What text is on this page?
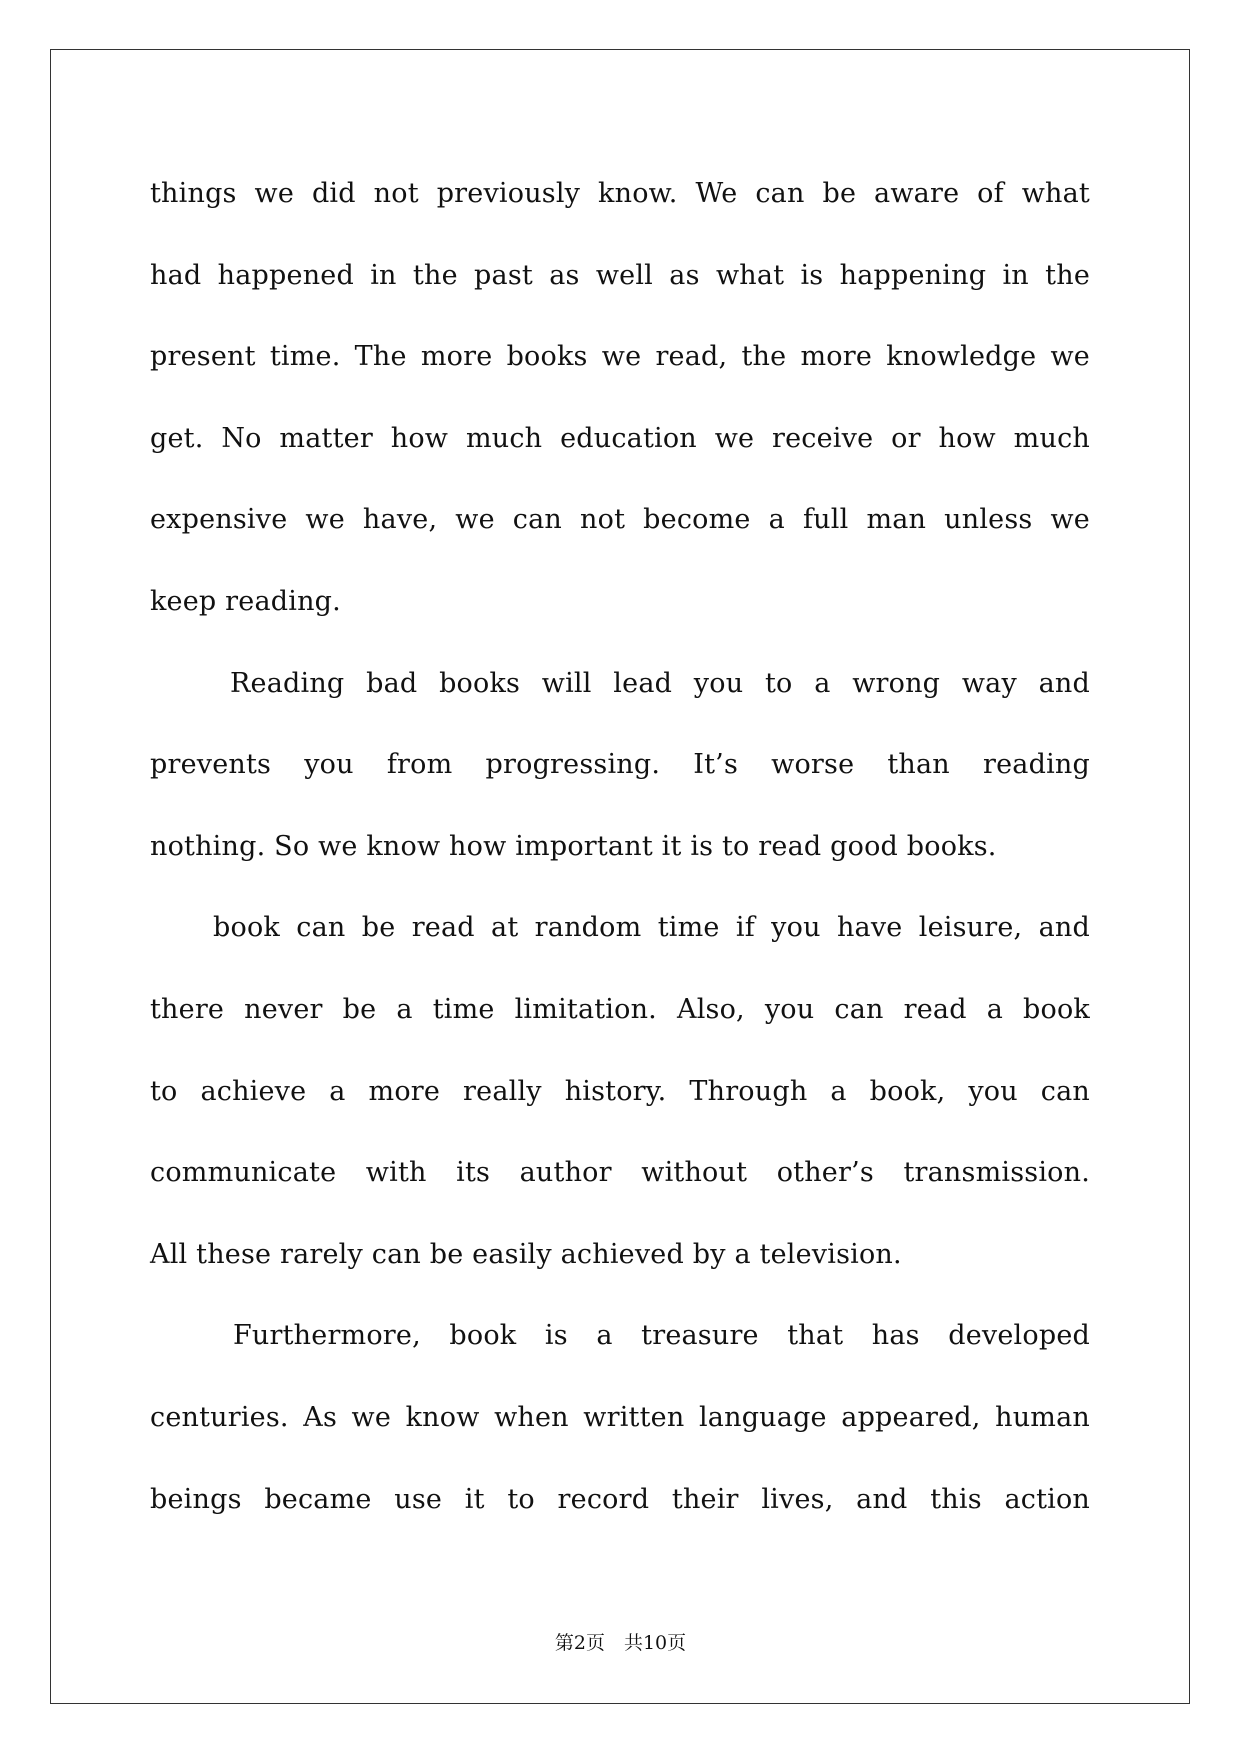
things we did not previously know. We can be aware of what
had happened in the past as well as what is happening in the
present time. The more books we read, the more knowledge we
get. No matter how much education we receive or how much
expensive we have, we can not become a full man unless we
keep reading.
Reading bad books will lead you to a wrong way and
prevents you from progressing. It’s worse than reading
nothing. So we know how important it is to read good books.
book can be read at random time if you have leisure, and
there never be a time limitation. Also, you can read a book
to achieve a more really history. Through a book, you can
communicate with its author without other’s transmission.
All these rarely can be easily achieved by a television.
Furthermore, book is a treasure that has developed
centuries. As we know when written language appeared, human
beings became use it to record their lives, and this action
第2页　共10页
